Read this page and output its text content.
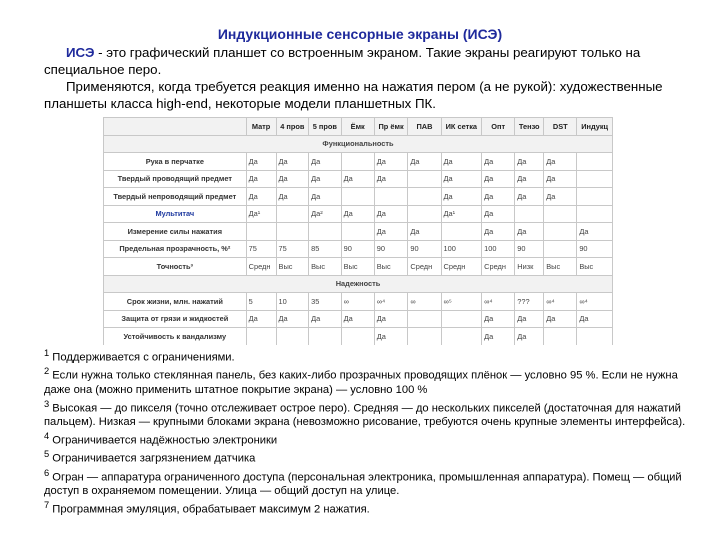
Индукционные сенсорные экраны (ИСЭ)

ИСЭ - это графический планшет со встроенным экраном. Такие экраны реагируют только на специальное перо.

Применяются, когда требуется реакция именно на нажатия пером (а не рукой): художественные планшеты класса high-end, некоторые модели планшетных ПК.

	Матр	4 пров	5 пров	Ёмк	Пр ёмк	ПАВ	ИК сетка	Опт	Тензо	DST	Индукц
Функциональность											
Рука в перчатке	Да	Да	Да		Да	Да	Да	Да	Да	Да	
Твердый проводящий предмет	Да	Да	Да	Да	Да		Да	Да	Да	Да	
Твердый непроводящий предмет	Да	Да	Да				Да	Да	Да	Да	
Мультитач	Да¹		Да²	Да	Да		Да¹	Да			
Измерение силы нажатия					Да	Да		Да	Да		Да
Предельная прозрачность, %²	75	75	85	90	90	90	100	100	90		90
Точность³	Средн	Выс	Выс	Выс	Выс	Средн	Средн	Средн	Низк	Выс	Выс
Надежность											
Срок жизни, млн. нажатий	5	10	35	∞	∞⁴	∞	∞⁵	∞⁴	???	∞⁴	∞⁴
Защита от грязи и жидкостей	Да	Да	Да	Да	Да			Да	Да	Да	Да
Устойчивость к вандализму					Да			Да	Да		

$^1$ Поддерживается с ограничениями.
$^2$ Если нужна только стеклянная панель, без каких-либо прозрачных проводящих плёнок — условно 95 %. Если не нужна даже она (можно применить штатное покрытие экрана) — условно 100 %
$^3$ Высокая — до пикселя (точно отслеживает острое перо). Средняя — до нескольких пикселей (достаточная для нажатий пальцем). Низкая — крупными блоками экрана (невозможно рисование, требуются очень крупные элементы интерфейса).
$^4$ Ограничивается надёжностью электроники
$^5$ Ограничивается загрязнением датчика
$^6$ Огран — аппаратура ограниченного доступа (персональная электроника, промышленная аппаратура). Помещ — общий доступ в охраняемом помещении. Улица — общий доступ на улице.
$^7$ Программная эмуляция, обрабатывает максимум 2 нажатия.
